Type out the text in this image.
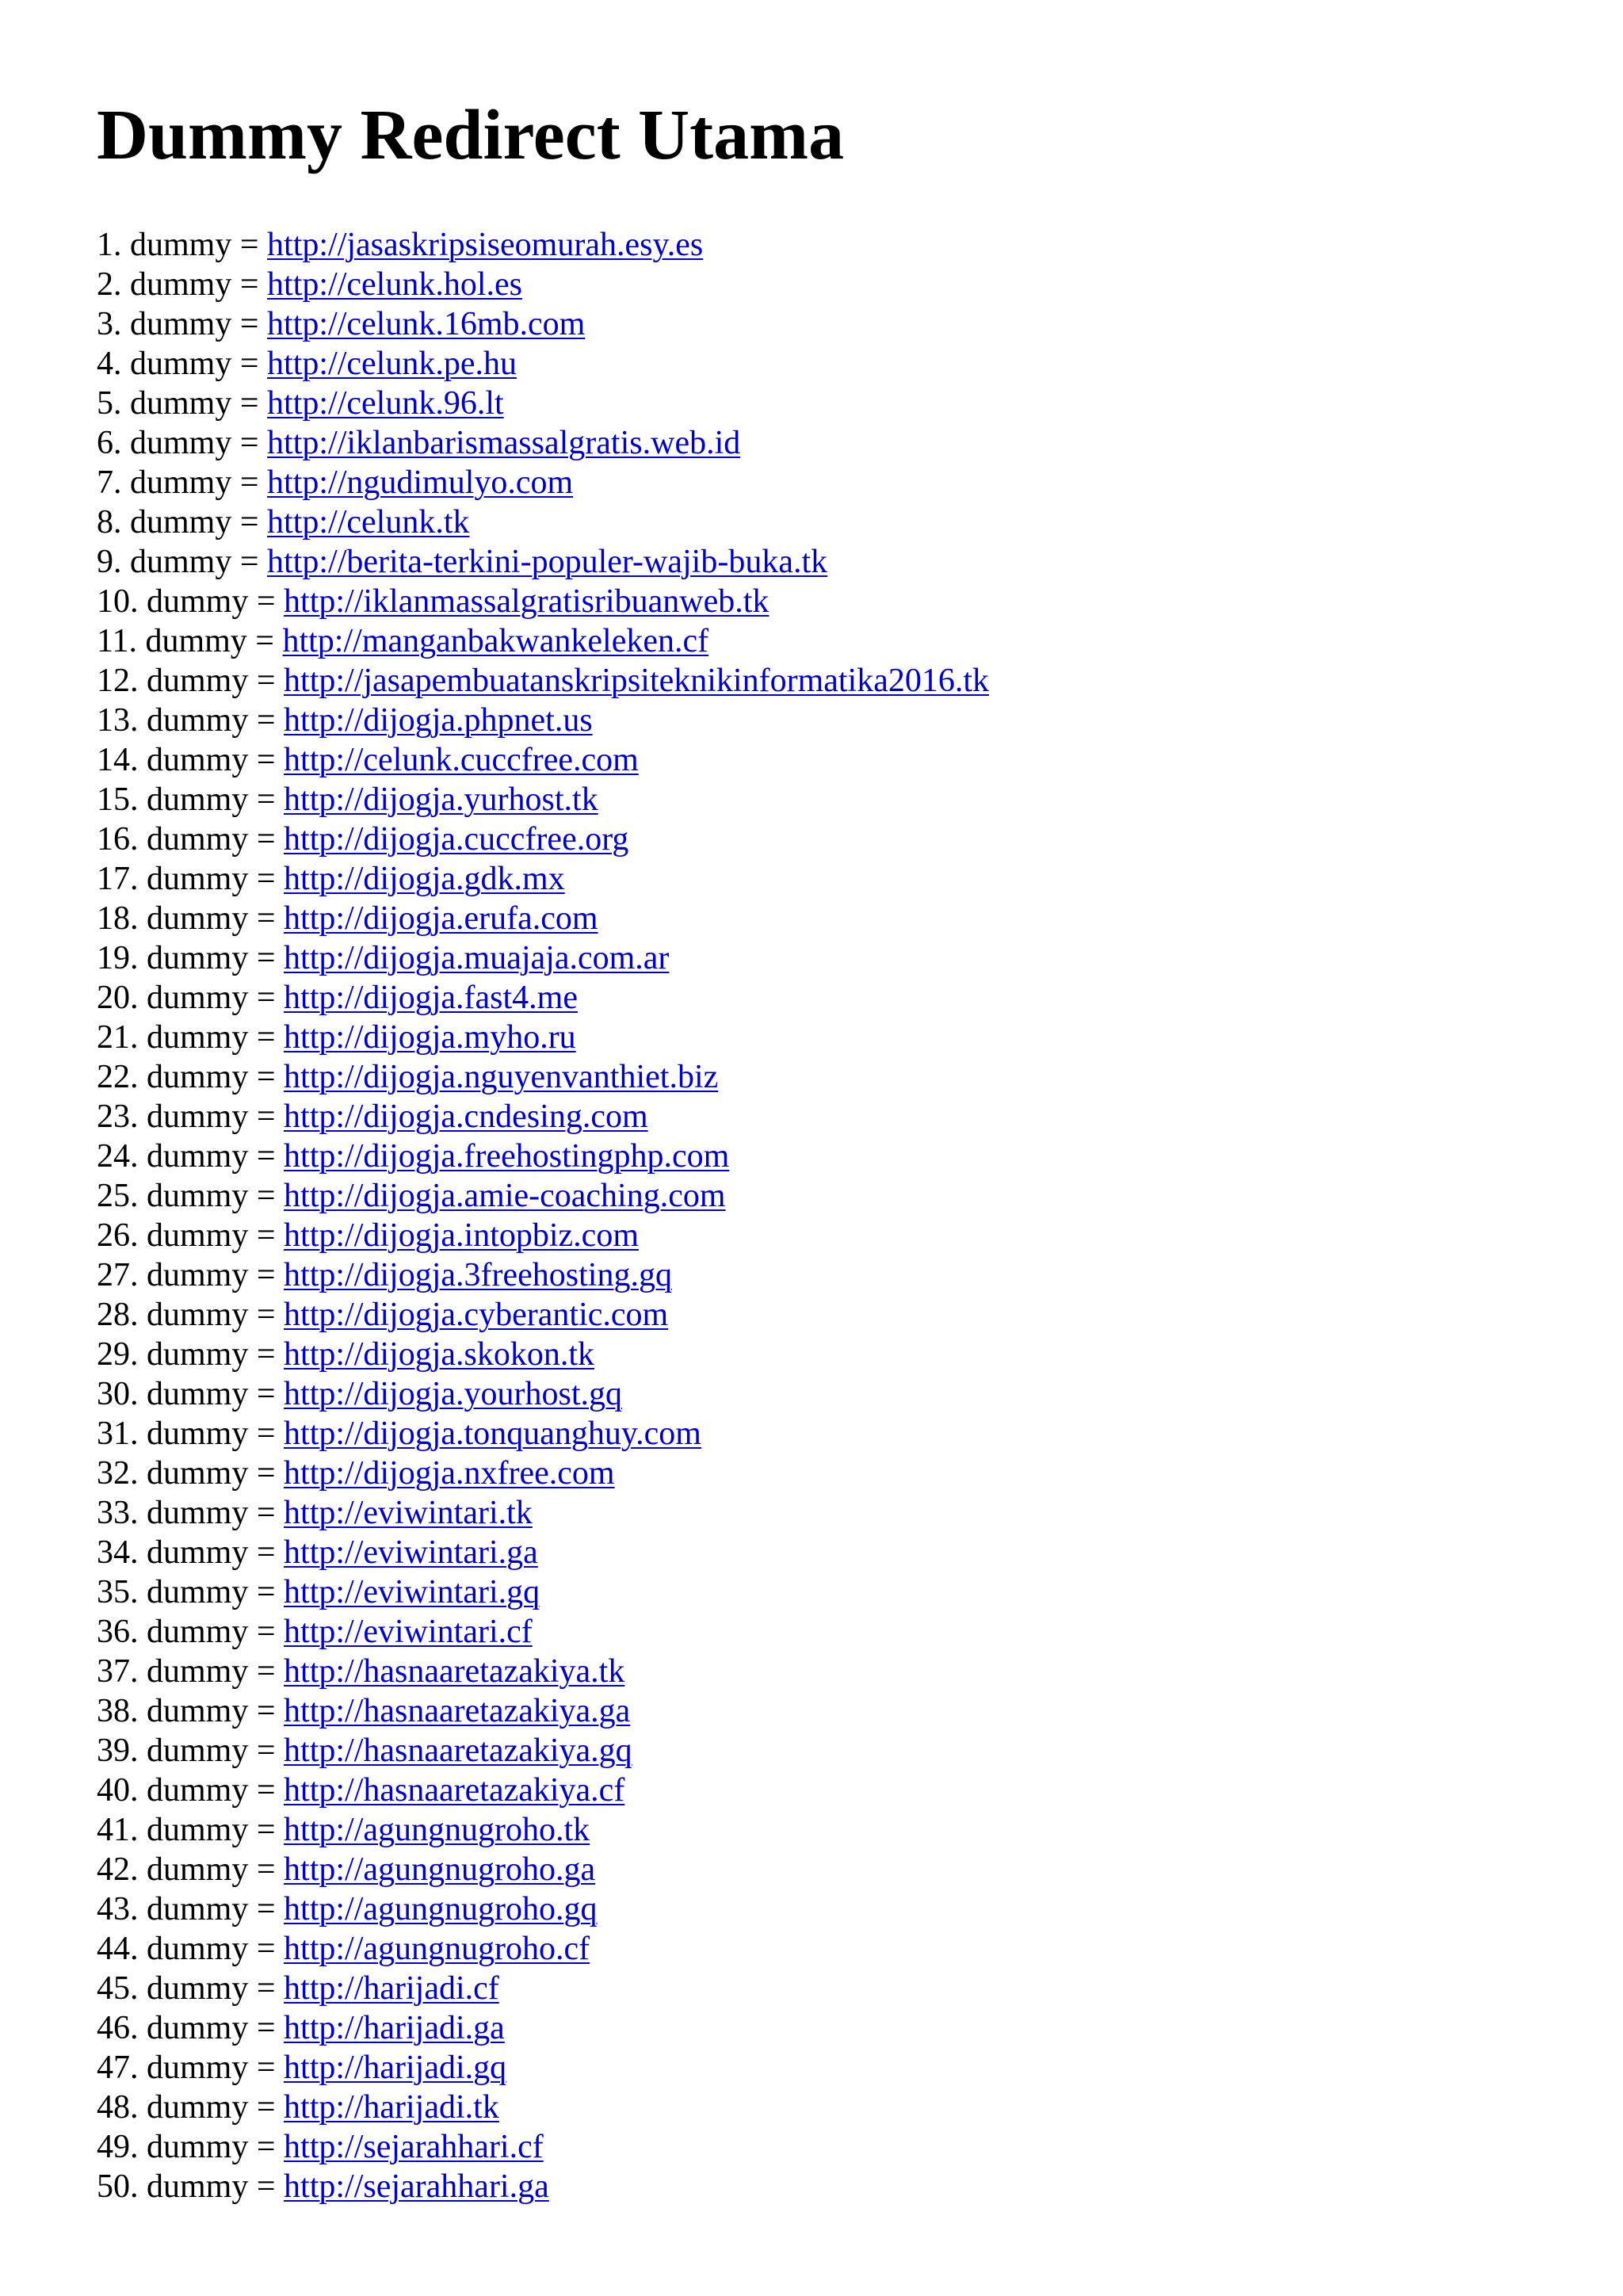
Dummy Redirect Utama
1. dummy = http://jasaskripsiseomurah.esy.es
2. dummy = http://celunk.hol.es
3. dummy = http://celunk.16mb.com
4. dummy = http://celunk.pe.hu
5. dummy = http://celunk.96.lt
6. dummy = http://iklanbarismassalgratis.web.id
7. dummy = http://ngudimulyo.com
8. dummy = http://celunk.tk
9. dummy = http://berita-terkini-populer-wajib-buka.tk
10. dummy = http://iklanmassalgratisribuanweb.tk
11. dummy = http://manganbakwankeleken.cf
12. dummy = http://jasapembuatanskripsiteknikinformatika2016.tk
13. dummy = http://dijogja.phpnet.us
14. dummy = http://celunk.cuccfree.com
15. dummy = http://dijogja.yurhost.tk
16. dummy = http://dijogja.cuccfree.org
17. dummy = http://dijogja.gdk.mx
18. dummy = http://dijogja.erufa.com
19. dummy = http://dijogja.muajaja.com.ar
20. dummy = http://dijogja.fast4.me
21. dummy = http://dijogja.myho.ru
22. dummy = http://dijogja.nguyenvanthiet.biz
23. dummy = http://dijogja.cndesing.com
24. dummy = http://dijogja.freehostingphp.com
25. dummy = http://dijogja.amie-coaching.com
26. dummy = http://dijogja.intopbiz.com
27. dummy = http://dijogja.3freehosting.gq
28. dummy = http://dijogja.cyberantic.com
29. dummy = http://dijogja.skokon.tk
30. dummy = http://dijogja.yourhost.gq
31. dummy = http://dijogja.tonquanghuy.com
32. dummy = http://dijogja.nxfree.com
33. dummy = http://eviwintari.tk
34. dummy = http://eviwintari.ga
35. dummy = http://eviwintari.gq
36. dummy = http://eviwintari.cf
37. dummy = http://hasnaaretazakiya.tk
38. dummy = http://hasnaaretazakiya.ga
39. dummy = http://hasnaaretazakiya.gq
40. dummy = http://hasnaaretazakiya.cf
41. dummy = http://agungnugroho.tk
42. dummy = http://agungnugroho.ga
43. dummy = http://agungnugroho.gq
44. dummy = http://agungnugroho.cf
45. dummy = http://harijadi.cf
46. dummy = http://harijadi.ga
47. dummy = http://harijadi.gq
48. dummy = http://harijadi.tk
49. dummy = http://sejarahhari.cf
50. dummy = http://sejarahhari.ga
